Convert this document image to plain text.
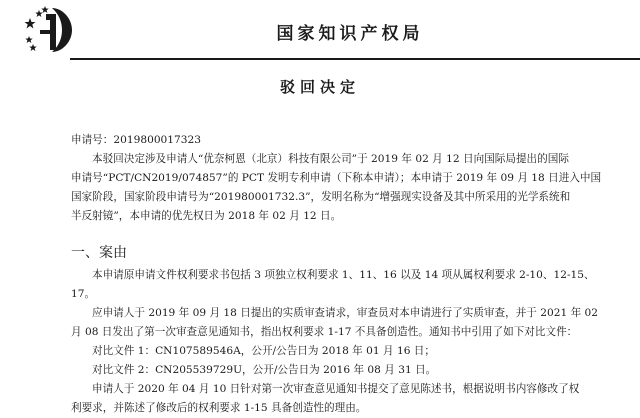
国家知识产权局
驳回决定
申请号：2019800017323
本驳回决定涉及申请人“优奈柯恩（北京）科技有限公司”于 2019 年 02 月 12 日向国际局提出的国际
申请号“PCT/CN2019/074857”的 PCT 发明专利申请（下称本申请）；本申请于 2019 年 09 月 18 日进入中国
国家阶段，国家阶段申请号为“201980001732.3”，发明名称为“增强现实设备及其中所采用的光学系统和
半反射镜”，本申请的优先权日为 2018 年 02 月 12 日。
一、案由
本申请原申请文件权利要求书包括 3 项独立权利要求 1、11、16 以及 14 项从属权利要求 2-10、12-15、
17。
应申请人于 2019 年 09 月 18 日提出的实质审查请求，审查员对本申请进行了实质审查，并于 2021 年 02
月 08 日发出了第一次审查意见通知书，指出权利要求 1-17 不具备创造性。通知书中引用了如下对比文件：
对比文件 1：CN107589546A，公开/公告日为 2018 年 01 月 16 日；
对比文件 2：CN205539729U，公开/公告日为 2016 年 08 月 31 日。
申请人于 2020 年 04 月 10 日针对第一次审查意见通知书提交了意见陈述书，根据说明书内容修改了权
利要求，并陈述了修改后的权利要求 1-15 具备创造性的理由。
